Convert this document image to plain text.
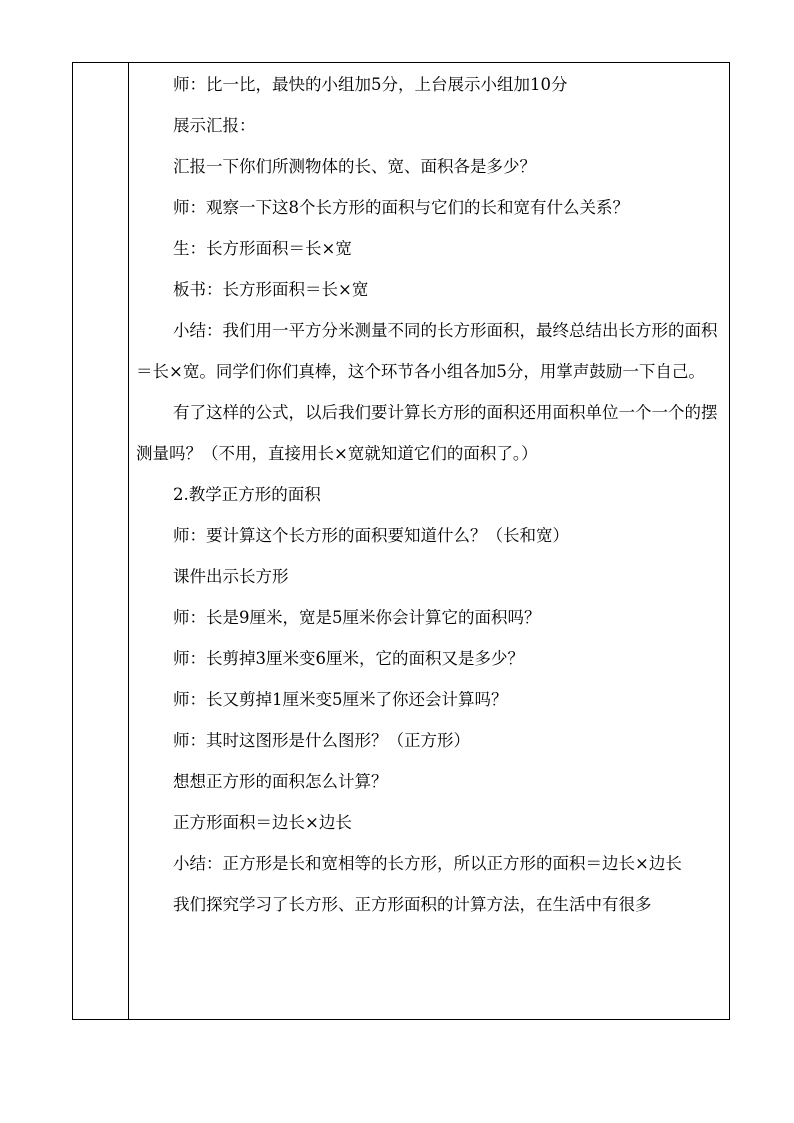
师：比一比，最快的小组加5分，上台展示小组加10分

展示汇报：

汇报一下你们所测物体的长、宽、面积各是多少？

师：观察一下这8个长方形的面积与它们的长和宽有什么关系？

生：长方形面积＝长×宽

板书：长方形面积＝长×宽

小结：我们用一平方分米测量不同的长方形面积，最终总结出长方形的面积＝长×宽。同学们你们真棒，这个环节各小组各加5分，用掌声鼓励一下自己。

有了这样的公式，以后我们要计算长方形的面积还用面积单位一个一个的摆测量吗？（不用，直接用长×宽就知道它们的面积了。）

2.教学正方形的面积

师：要计算这个长方形的面积要知道什么？（长和宽）

课件出示长方形

师：长是9厘米，宽是5厘米你会计算它的面积吗？

师：长剪掉3厘米变6厘米，它的面积又是多少？

师：长又剪掉1厘米变5厘米了你还会计算吗？

师：其时这图形是什么图形？（正方形）

想想正方形的面积怎么计算？

正方形面积＝边长×边长

小结：正方形是长和宽相等的长方形，所以正方形的面积＝边长×边长

我们探究学习了长方形、正方形面积的计算方法，在生活中有很多
